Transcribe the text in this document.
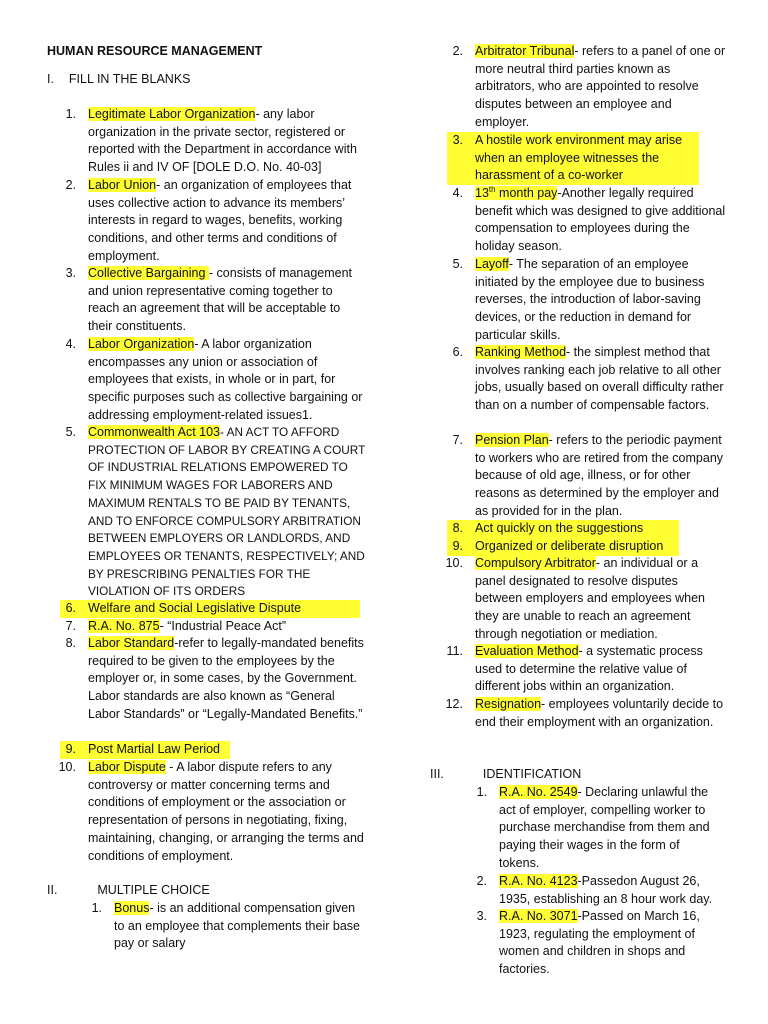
HUMAN RESOURCE MANAGEMENT
I. FILL IN THE BLANKS
1. Legitimate Labor Organization- any labor organization in the private sector, registered or reported with the Department in accordance with Rules ii and IV OF [DOLE D.O. No. 40-03]
2. Labor Union- an organization of employees that uses collective action to advance its members’ interests in regard to wages, benefits, working conditions, and other terms and conditions of employment.
3. Collective Bargaining - consists of management and union representative coming together to reach an agreement that will be acceptable to their constituents.
4. Labor Organization- A labor organization encompasses any union or association of employees that exists, in whole or in part, for specific purposes such as collective bargaining or addressing employment-related issues1.
5. Commonwealth Act 103- AN ACT TO AFFORD PROTECTION OF LABOR BY CREATING A COURT OF INDUSTRIAL RELATIONS EMPOWERED TO FIX MINIMUM WAGES FOR LABORERS AND MAXIMUM RENTALS TO BE PAID BY TENANTS, AND TO ENFORCE COMPULSORY ARBITRATION BETWEEN EMPLOYERS OR LANDLORDS, AND EMPLOYEES OR TENANTS, RESPECTIVELY; AND BY PRESCRIBING PENALTIES FOR THE VIOLATION OF ITS ORDERS
6. Welfare and Social Legislative Dispute
7. R.A. No. 875- “Industrial Peace Act”
8. Labor Standard-refer to legally-mandated benefits required to be given to the employees by the employer or, in some cases, by the Government. Labor standards are also known as “General Labor Standards” or “Legally-Mandated Benefits.”
9. Post Martial Law Period
10. Labor Dispute - A labor dispute refers to any controversy or matter concerning terms and conditions of employment or the association or representation of persons in negotiating, fixing, maintaining, changing, or arranging the terms and conditions of employment.
II.	MULTIPLE CHOICE
1. Bonus- is an additional compensation given to an employee that complements their base pay or salary
2. Arbitrator Tribunal- refers to a panel of one or more neutral third parties known as arbitrators, who are appointed to resolve disputes between an employee and employer.
3. A hostile work environment may arise when an employee witnesses the harassment of a co-worker
4. 13th month pay-Another legally required benefit which was designed to give additional compensation to employees during the holiday season.
5. Layoff- The separation of an employee initiated by the employee due to business reverses, the introduction of labor-saving devices, or the reduction in demand for particular skills.
6. Ranking Method- the simplest method that involves ranking each job relative to all other jobs, usually based on overall difficulty rather than on a number of compensable factors.
7. Pension Plan- refers to the periodic payment to workers who are retired from the company because of old age, illness, or for other reasons as determined by the employer and as provided for in the plan.
8. Act quickly on the suggestions
9. Organized or deliberate disruption
10. Compulsory Arbitrator- an individual or a panel designated to resolve disputes between employers and employees when they are unable to reach an agreement through negotiation or mediation.
11. Evaluation Method- a systematic process used to determine the relative value of different jobs within an organization.
12. Resignation- employees voluntarily decide to end their employment with an organization.
III.	IDENTIFICATION
1. R.A. No. 2549- Declaring unlawful the act of employer, compelling worker to purchase merchandise from them and paying their wages in the form of tokens.
2. R.A. No. 4123-Passedon August 26, 1935, establishing an 8 hour work day.
3. R.A. No. 3071-Passed on March 16, 1923, regulating the employment of women and children in shops and factories.
